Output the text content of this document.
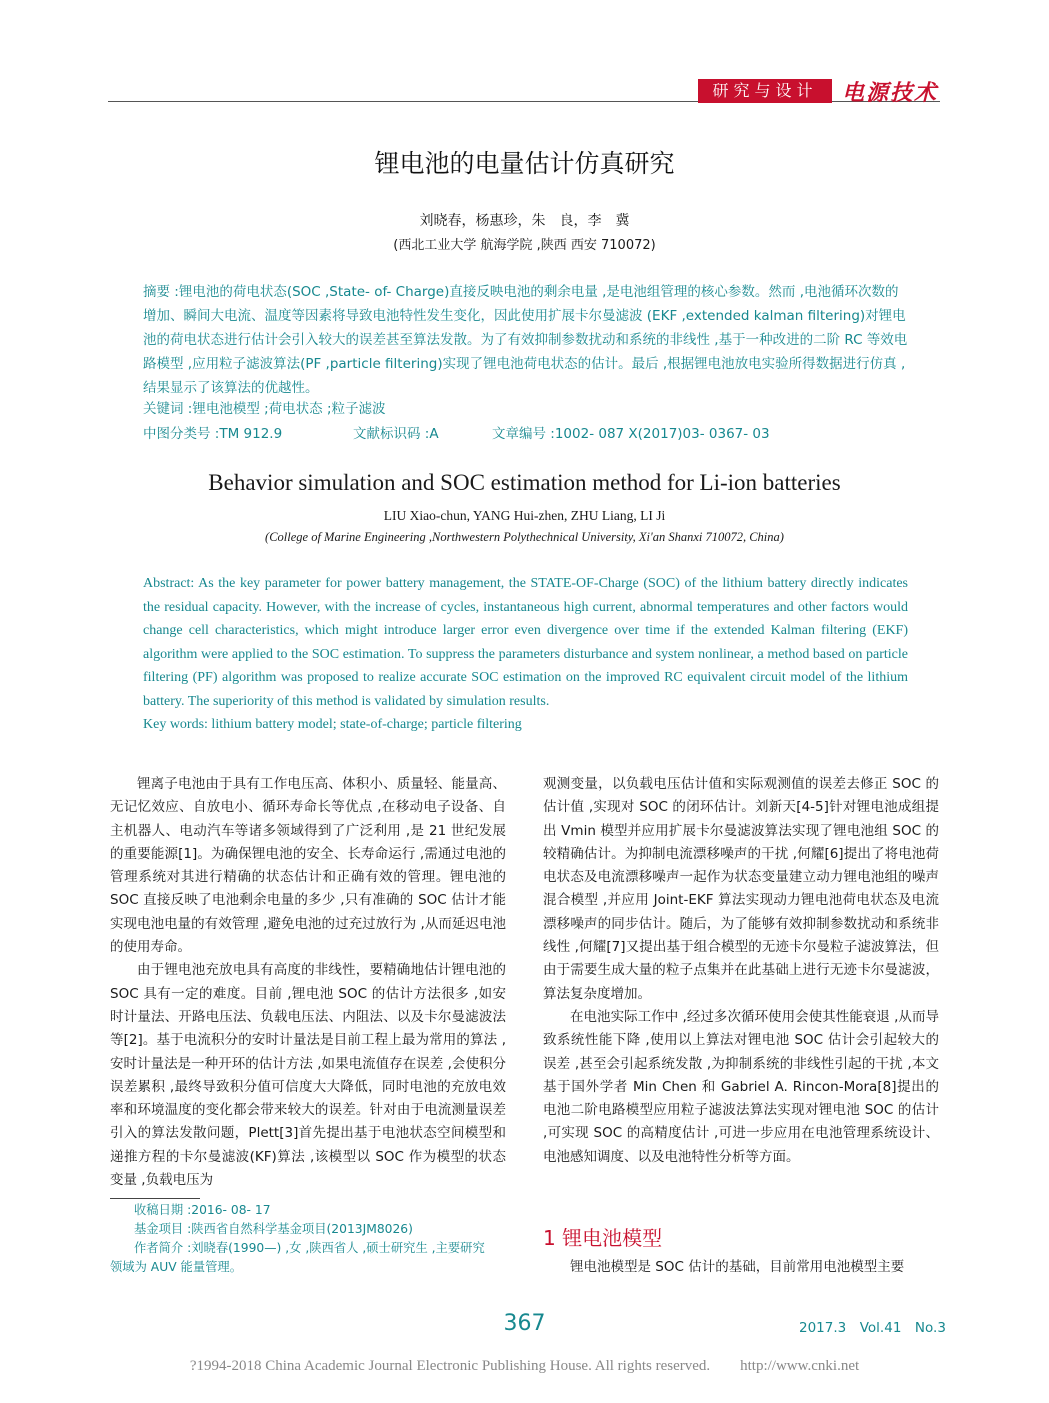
研究与设计	电源技术
锂电池的电量估计仿真研究
刘晓春，杨惠珍，朱　良，李　冀
(西北工业大学 航海学院 ,陕西 西安 710072)
摘要 :锂电池的荷电状态(SOC ,State- of- Charge)直接反映电池的剩余电量 ,是电池组管理的核心参数。然而 ,电池循环次数的增加、瞬间大电流、温度等因素将导致电池特性发生变化，因此使用扩展卡尔曼滤波 (EKF ,extended kalman filtering)对锂电池的荷电状态进行估计会引入较大的误差甚至算法发散。为了有效抑制参数扰动和系统的非线性 ,基于一种改进的二阶 RC 等效电路模型 ,应用粒子滤波算法(PF ,particle filtering)实现了锂电池荷电状态的估计。最后 ,根据锂电池放电实验所得数据进行仿真 ,结果显示了该算法的优越性。
关键词 :锂电池模型 ;荷电状态 ;粒子滤波
中图分类号 :TM 912.9	文献标识码 :A	文章编号 :1002- 087 X(2017)03- 0367- 03
Behavior simulation and SOC estimation method for Li-ion batteries
LIU Xiao-chun, YANG Hui-zhen, ZHU Liang, LI Ji
(College of Marine Engineering ,Northwestern Polythechnical University, Xi'an Shanxi 710072, China)
Abstract: As the key parameter for power battery management, the STATE-OF-Charge (SOC) of the lithium battery directly indicates the residual capacity. However, with the increase of cycles, instantaneous high current, abnormal temperatures and other factors would change cell characteristics, which might introduce larger error even divergence over time if the extended Kalman filtering (EKF) algorithm were applied to the SOC estimation. To suppress the parameters disturbance and system nonlinear, a method based on particle filtering (PF) algorithm was proposed to realize accurate SOC estimation on the improved RC equivalent circuit model of the lithium battery. The superiority of this method is validated by simulation results.
Key words: lithium battery model; state-of-charge; particle filtering

锂离子电池由于具有工作电压高、体积小、质量轻、能量高、无记忆效应、自放电小、循环寿命长等优点 ,在移动电子设备、自主机器人、电动汽车等诸多领域得到了广泛利用 ,是 21 世纪发展的重要能源[1]。为确保锂电池的安全、长寿命运行 ,需通过电池的管理系统对其进行精确的状态估计和正确有效的管理。锂电池的 SOC 直接反映了电池剩余电量的多少 ,只有准确的 SOC 估计才能实现电池电量的有效管理 ,避免电池的过充过放行为 ,从而延迟电池的使用寿命。

由于锂电池充放电具有高度的非线性，要精确地估计锂电池的 SOC 具有一定的难度。目前 ,锂电池 SOC 的估计方法很多 ,如安时计量法、开路电压法、负载电压法、内阻法、以及卡尔曼滤波法等[2]。基于电流积分的安时计量法是目前工程上最为常用的算法 ,安时计量法是一种开环的估计方法 ,如果电流值存在误差 ,会使积分误差累积 ,最终导致积分值可信度大大降低，同时电池的充放电效率和环境温度的变化都会带来较大的误差。针对由于电流测量误差引入的算法发散问题，Plett[3]首先提出基于电池状态空间模型和递推方程的卡尔曼滤波(KF)算法 ,该模型以 SOC 作为模型的状态变量 ,负载电压为

观测变量，以负载电压估计值和实际观测值的误差去修正 SOC 的估计值 ,实现对 SOC 的闭环估计。刘新天[4-5]针对锂电池成组提出 Vmin 模型并应用扩展卡尔曼滤波算法实现了锂电池组 SOC 的较精确估计。为抑制电流漂移噪声的干扰 ,何耀[6]提出了将电池荷电状态及电流漂移噪声一起作为状态变量建立动力锂电池组的噪声混合模型 ,并应用 Joint-EKF 算法实现动力锂电池荷电状态及电流漂移噪声的同步估计。随后，为了能够有效抑制参数扰动和系统非线性 ,何耀[7]又提出基于组合模型的无迹卡尔曼粒子滤波算法，但由于需要生成大量的粒子点集并在此基础上进行无迹卡尔曼滤波，算法复杂度增加。

在电池实际工作中 ,经过多次循环使用会使其性能衰退 ,从而导致系统性能下降 ,使用以上算法对锂电池 SOC 估计会引起较大的误差 ,甚至会引起系统发散 ,为抑制系统的非线性引起的干扰 ,本文基于国外学者 Min Chen 和 Gabriel A. Rincon-Mora[8]提出的电池二阶电路模型应用粒子滤波法算法实现对锂电池 SOC 的估计 ,可实现 SOC 的高精度估计 ,可进一步应用在电池管理系统设计、电池感知调度、以及电池特性分析等方面。

收稿日期 :2016- 08- 17
基金项目 :陕西省自然科学基金项目(2013JM8026)
作者简介 :刘晓春(1990—) ,女 ,陕西省人 ,硕士研究生 ,主要研究
领域为 AUV 能量管理。
1 锂电池模型
锂电池模型是 SOC 估计的基础，目前常用电池模型主要
367	2017.3　Vol.41　No.3
?1994-2018 China Academic Journal Electronic Publishing House. All rights reserved.　　http://www.cnki.net
